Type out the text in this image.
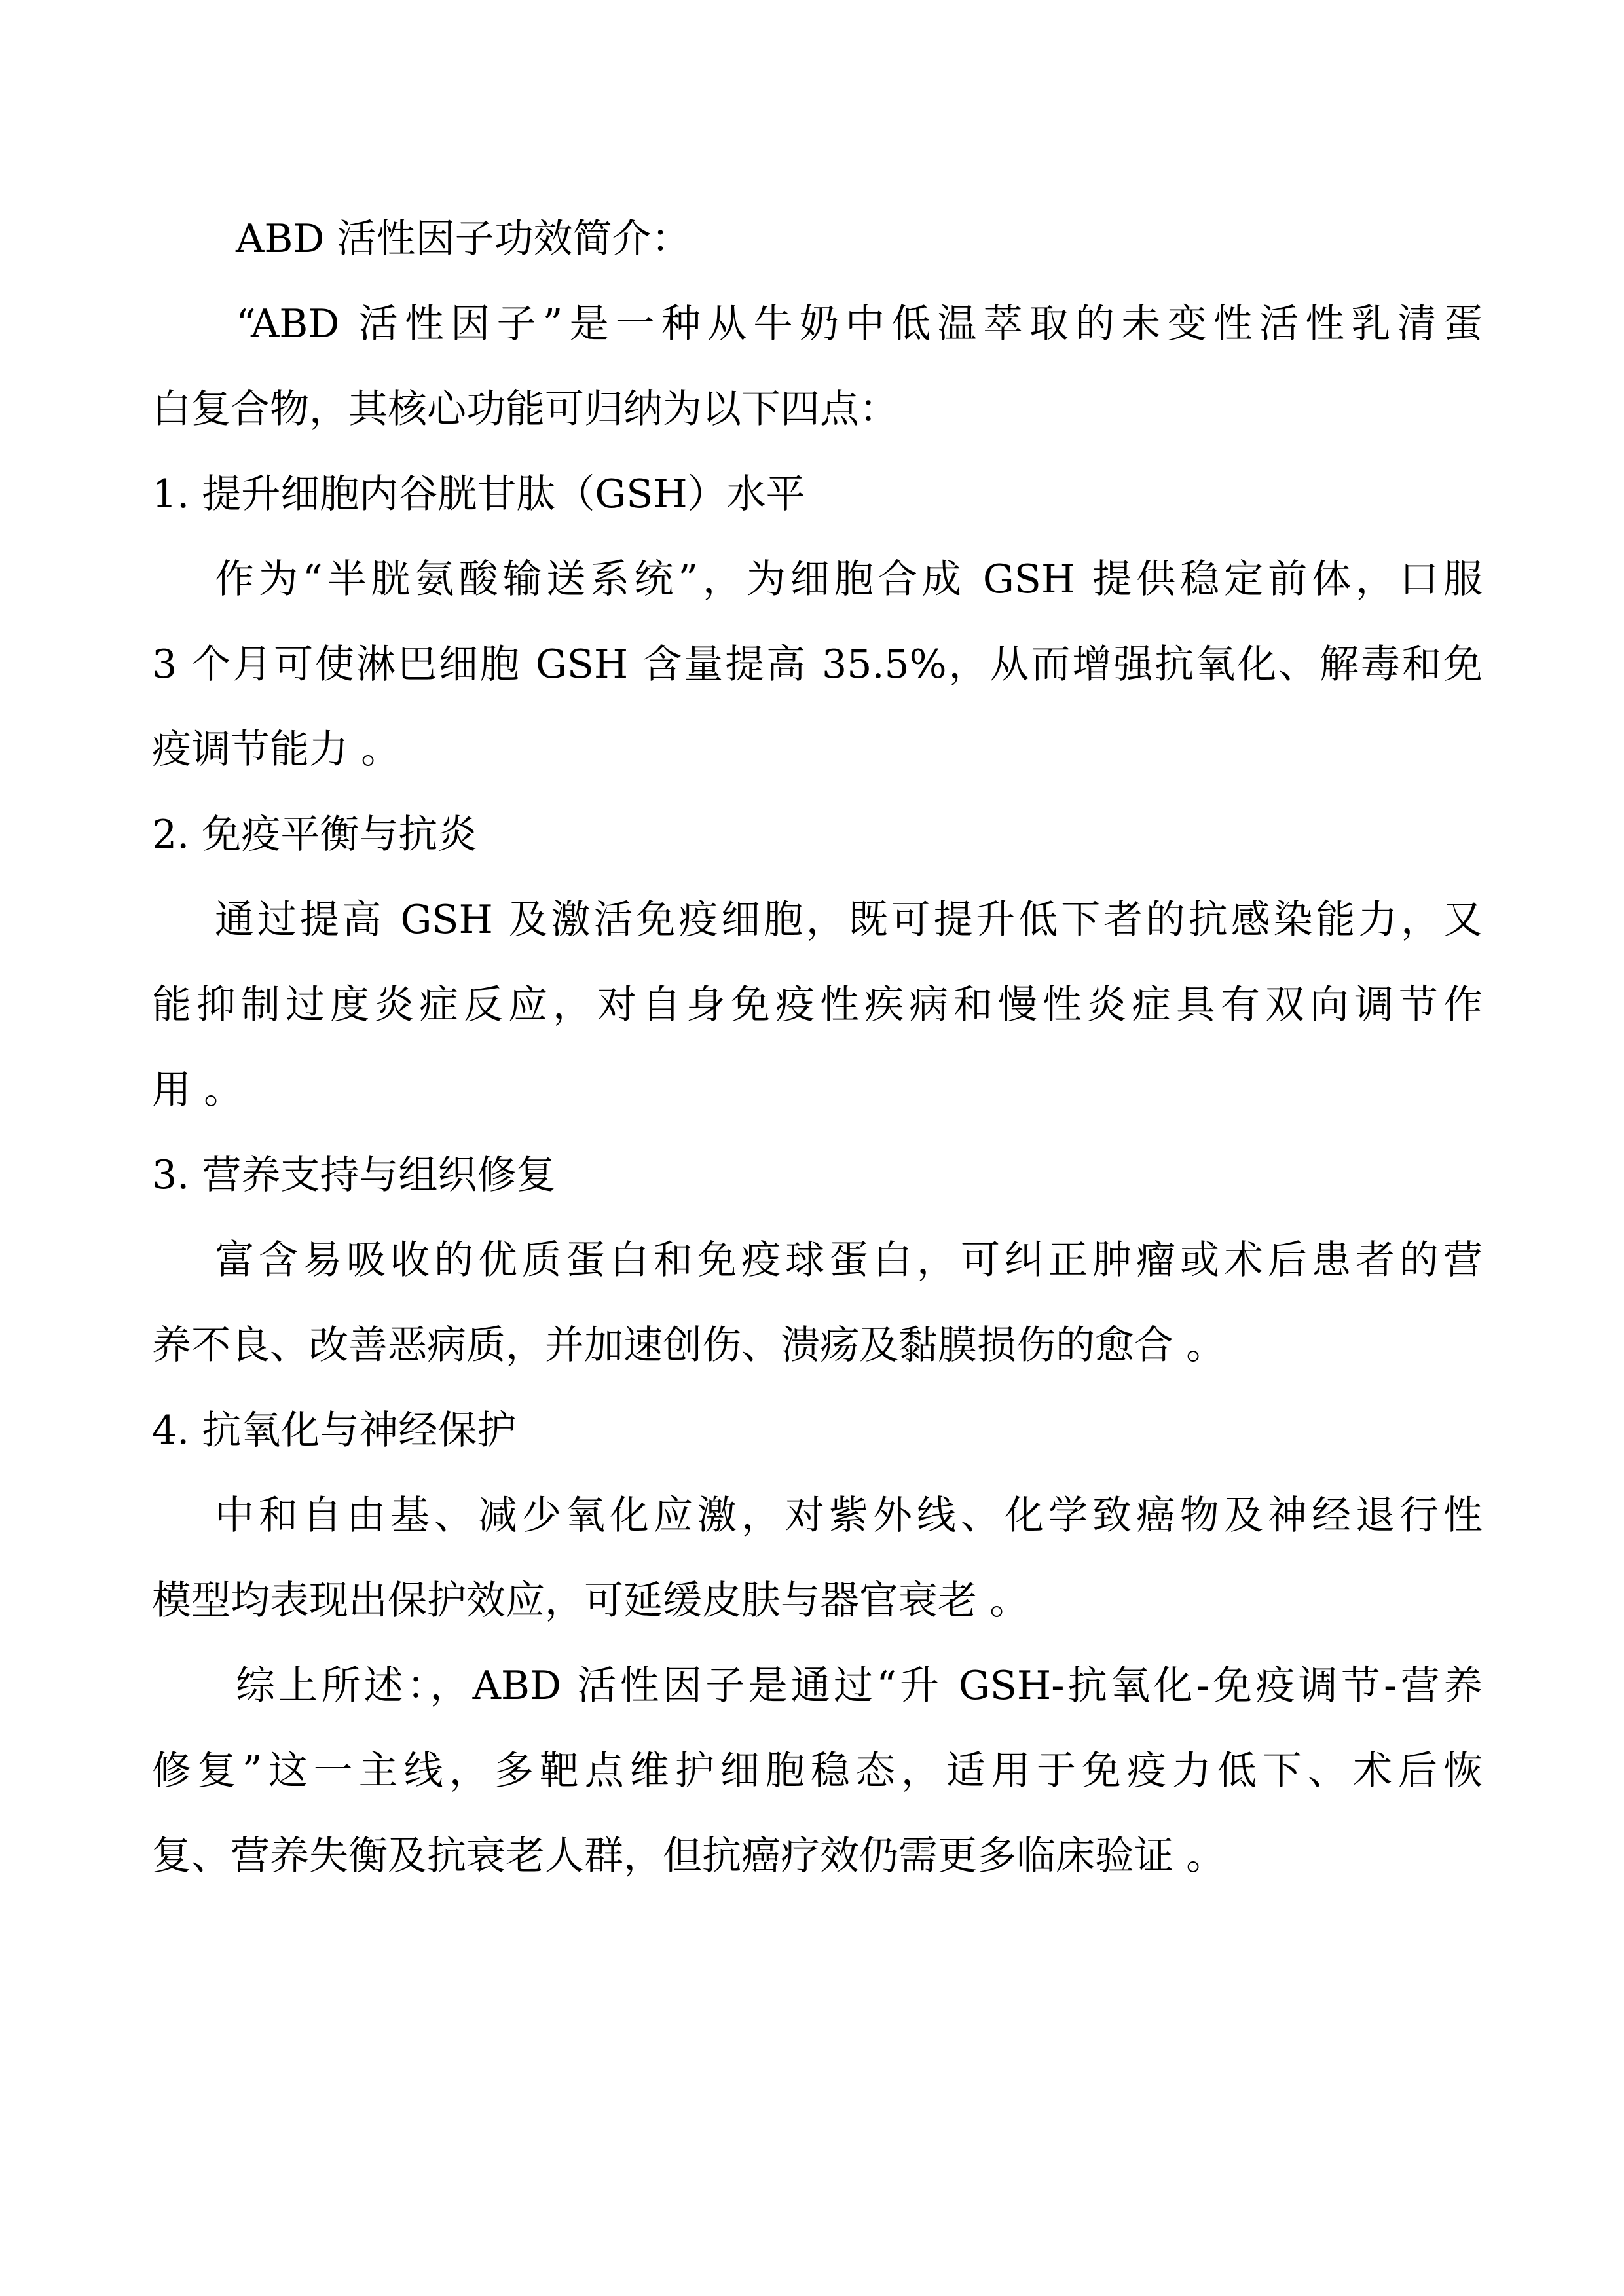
ABD 活性因子功效简介：
“ABD 活性因子”是一种从牛奶中低温萃取的未变性活性乳清蛋
白复合物，其核心功能可归纳为以下四点：
1. 提升细胞内谷胱甘肽（GSH）水平
作为“半胱氨酸输送系统”，为细胞合成 GSH 提供稳定前体，口服
3 个月可使淋巴细胞 GSH 含量提高 35.5%，从而增强抗氧化、解毒和免
疫调节能力 。
2. 免疫平衡与抗炎
通过提高 GSH 及激活免疫细胞，既可提升低下者的抗感染能力，又
能抑制过度炎症反应，对自身免疫性疾病和慢性炎症具有双向调节作
用 。
3. 营养支持与组织修复
富含易吸收的优质蛋白和免疫球蛋白，可纠正肿瘤或术后患者的营
养不良、改善恶病质，并加速创伤、溃疡及黏膜损伤的愈合 。
4. 抗氧化与神经保护
中和自由基、减少氧化应激，对紫外线、化学致癌物及神经退行性
模型均表现出保护效应，可延缓皮肤与器官衰老 。
综上所述：，ABD 活性因子是通过“升 GSH-抗氧化-免疫调节-营养
修复”这一主线，多靶点维护细胞稳态，适用于免疫力低下、术后恢
复、营养失衡及抗衰老人群，但抗癌疗效仍需更多临床验证 。
